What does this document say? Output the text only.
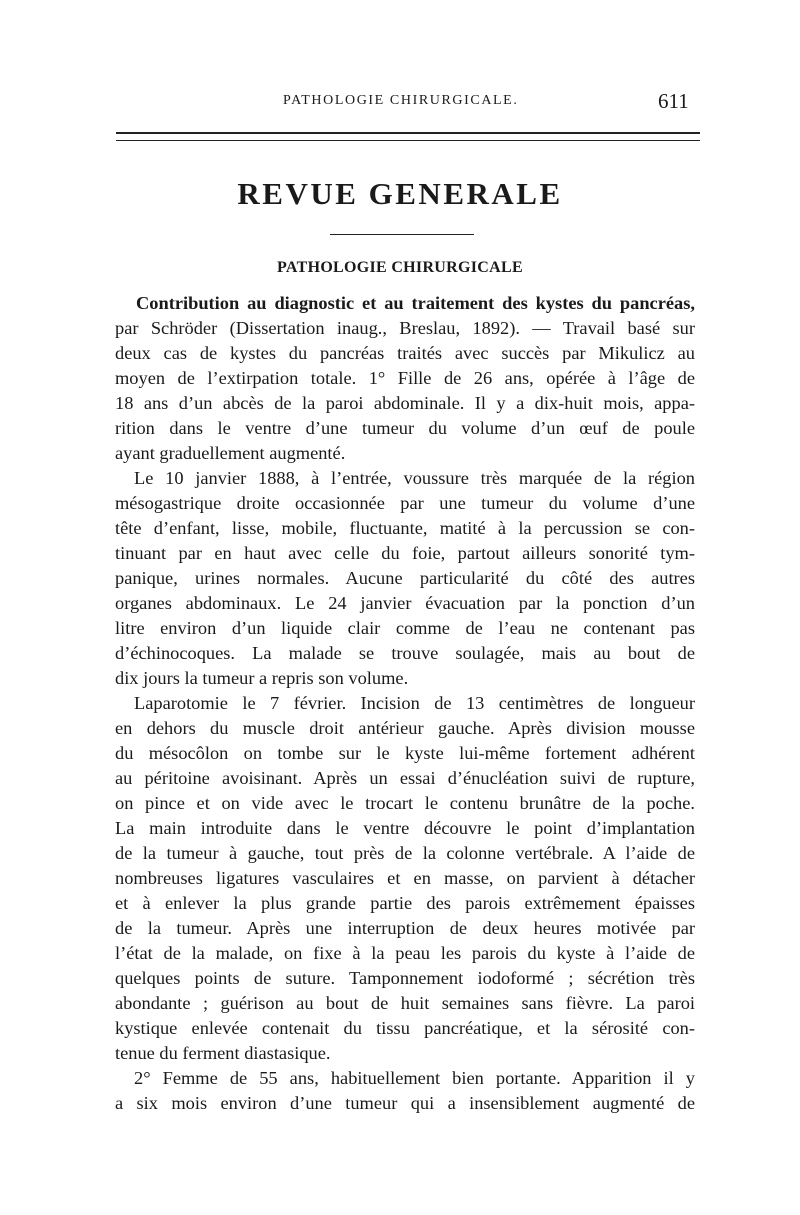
PATHOLOGIE CHIRURGICALE.	611
REVUE GENERALE
PATHOLOGIE CHIRURGICALE
Contribution au diagnostic et au traitement des kystes du pancréas,
par Schröder (Dissertation inaug., Breslau, 1892). — Travail basé sur
deux cas de kystes du pancréas traités avec succès par Mikulicz au
moyen de l’extirpation totale. 1° Fille de 26 ans, opérée à l’âge de
18 ans d’un abcès de la paroi abdominale. Il y a dix-huit mois, appa-
rition dans le ventre d’une tumeur du volume d’un œuf de poule
ayant graduellement augmenté.
Le 10 janvier 1888, à l’entrée, voussure très marquée de la région
mésogastrique droite occasionnée par une tumeur du volume d’une
tête d’enfant, lisse, mobile, fluctuante, matité à la percussion se con-
tinuant par en haut avec celle du foie, partout ailleurs sonorité tym-
panique, urines normales. Aucune particularité du côté des autres
organes abdominaux. Le 24 janvier évacuation par la ponction d’un
litre environ d’un liquide clair comme de l’eau ne contenant pas
d’échinocoques. La malade se trouve soulagée, mais au bout de
dix jours la tumeur a repris son volume.
Laparotomie le 7 février. Incision de 13 centimètres de longueur
en dehors du muscle droit antérieur gauche. Après division mousse
du mésocôlon on tombe sur le kyste lui-même fortement adhérent
au péritoine avoisinant. Après un essai d’énucléation suivi de rupture,
on pince et on vide avec le trocart le contenu brunâtre de la poche.
La main introduite dans le ventre découvre le point d’implantation
de la tumeur à gauche, tout près de la colonne vertébrale. A l’aide de
nombreuses ligatures vasculaires et en masse, on parvient à détacher
et à enlever la plus grande partie des parois extrêmement épaisses
de la tumeur. Après une interruption de deux heures motivée par
l’état de la malade, on fixe à la peau les parois du kyste à l’aide de
quelques points de suture. Tamponnement iodoformé ; sécrétion très
abondante ; guérison au bout de huit semaines sans fièvre. La paroi
kystique enlevée contenait du tissu pancréatique, et la sérosité con-
tenue du ferment diastasique.
2° Femme de 55 ans, habituellement bien portante. Apparition il y
a six mois environ d’une tumeur qui a insensiblement augmenté de
